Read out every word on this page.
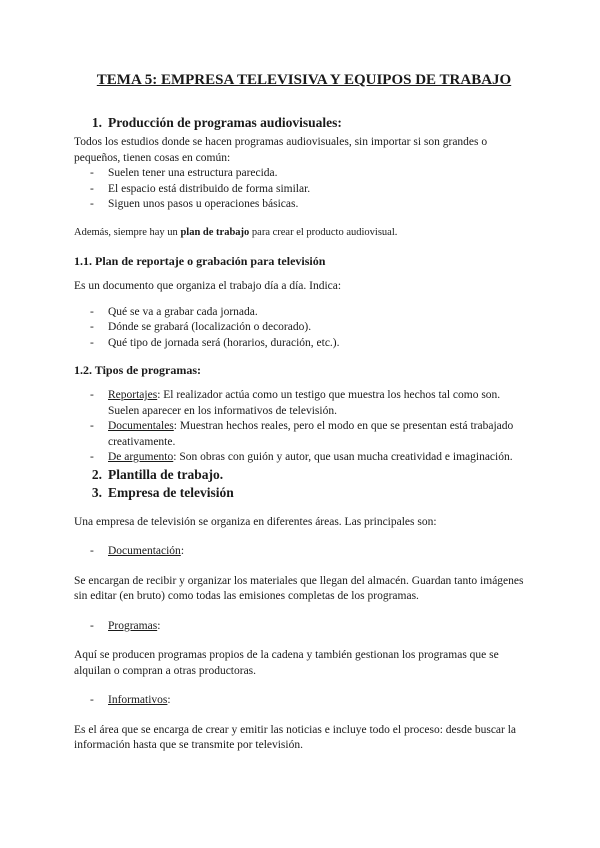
TEMA 5: EMPRESA TELEVISIVA Y EQUIPOS DE TRABAJO
1. Producción de programas audiovisuales:

Todos los estudios donde se hacen programas audiovisuales, sin importar si son grandes o pequeños, tienen cosas en común:

- Suelen tener una estructura parecida.
- El espacio está distribuido de forma similar.
- Siguen unos pasos u operaciones básicas.

Además, siempre hay un plan de trabajo para crear el producto audiovisual.

1.1. Plan de reportaje o grabación para televisión

Es un documento que organiza el trabajo día a día. Indica:

- Qué se va a grabar cada jornada.
- Dónde se grabará (localización o decorado).
- Qué tipo de jornada será (horarios, duración, etc.).
1.2. Tipos de programas:
- Reportajes: El realizador actúa como un testigo que muestra los hechos tal como son. Suelen aparecer en los informativos de televisión.
- Documentales: Muestran hechos reales, pero el modo en que se presentan está trabajado creativamente.
- De argumento: Son obras con guión y autor, que usan mucha creatividad e imaginación.
2. Plantilla de trabajo.
3. Empresa de televisión

Una empresa de televisión se organiza en diferentes áreas. Las principales son:

- Documentación:

Se encargan de recibir y organizar los materiales que llegan del almacén. Guardan tanto imágenes sin editar (en bruto) como todas las emisiones completas de los programas.

- Programas:

Aquí se producen programas propios de la cadena y también gestionan los programas que se alquilan o compran a otras productoras.

- Informativos:

Es el área que se encarga de crear y emitir las noticias e incluye todo el proceso: desde buscar la información hasta que se transmite por televisión.
